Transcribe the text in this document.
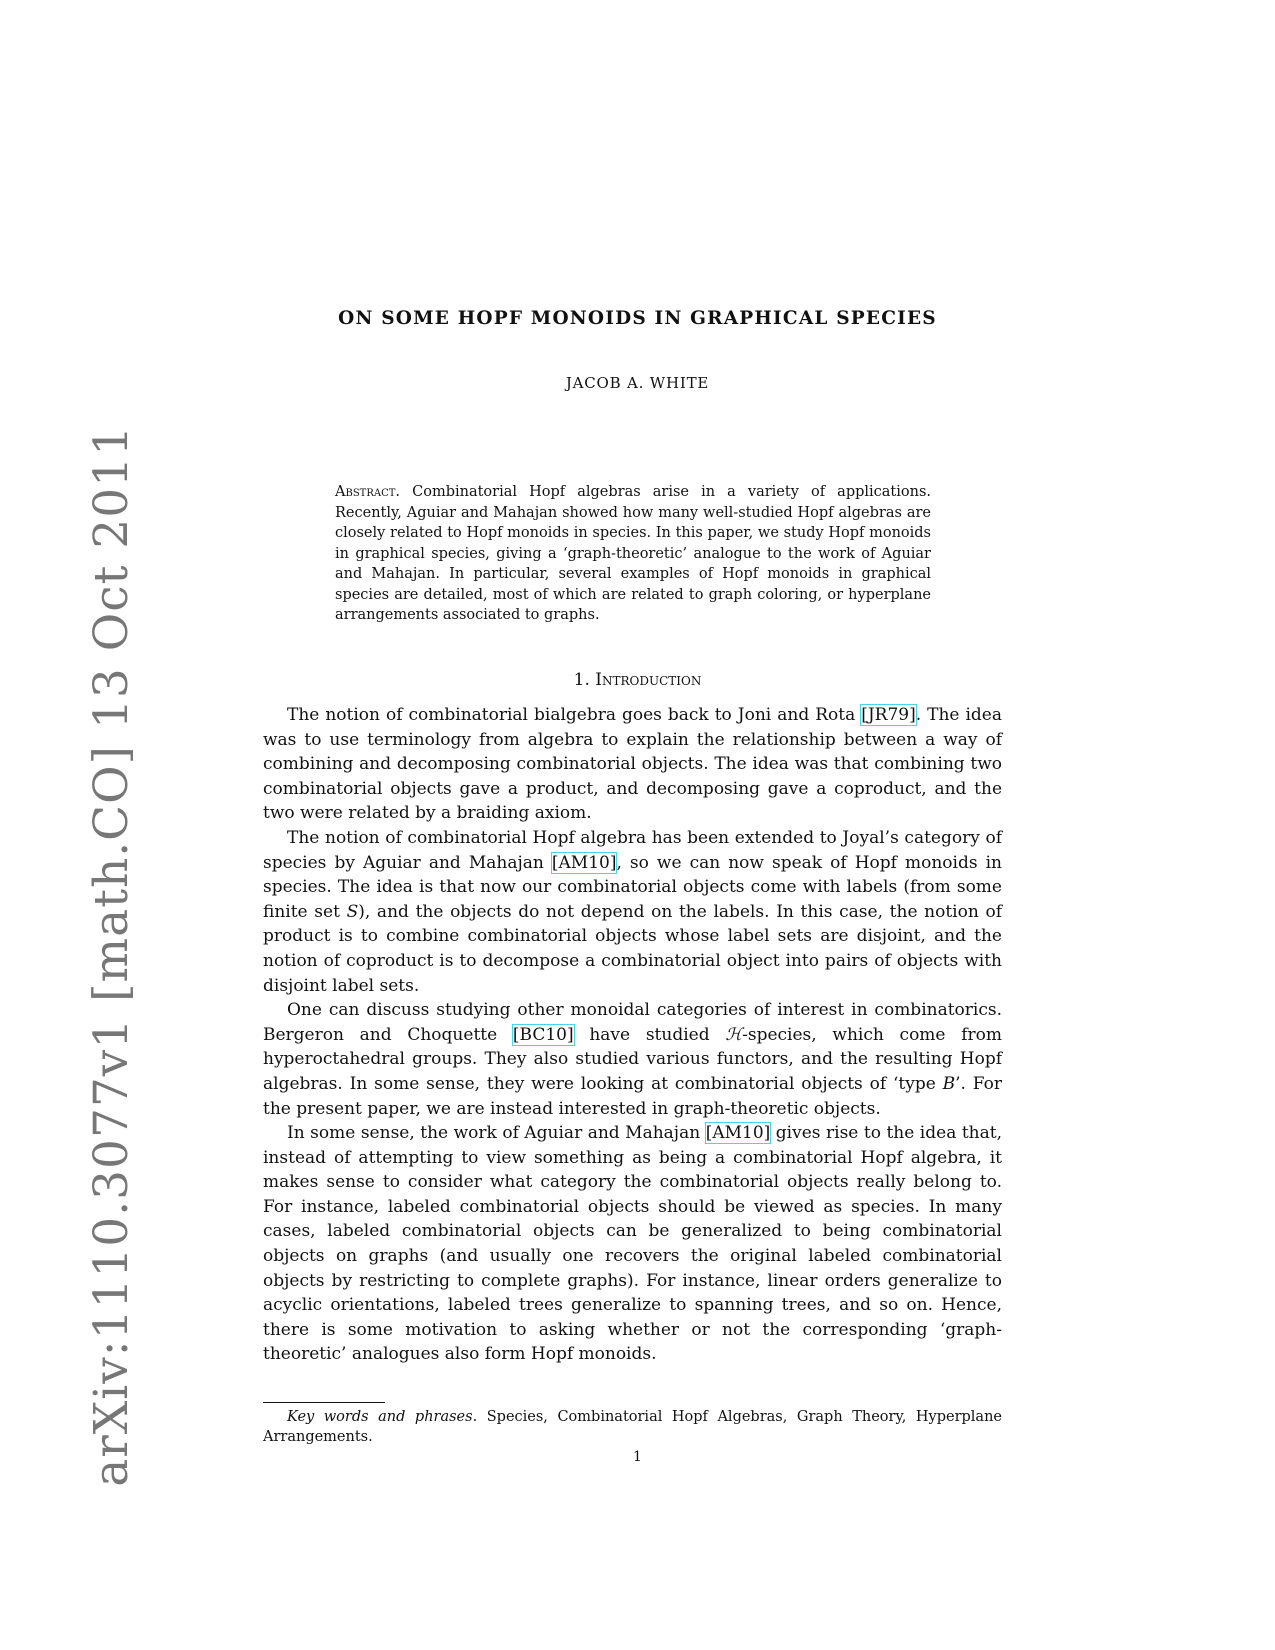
arXiv:1110.3077v1 [math.CO] 13 Oct 2011
ON SOME HOPF MONOIDS IN GRAPHICAL SPECIES
JACOB A. WHITE
Abstract. Combinatorial Hopf algebras arise in a variety of applications. Recently, Aguiar and Mahajan showed how many well-studied Hopf algebras are closely related to Hopf monoids in species. In this paper, we study Hopf monoids in graphical species, giving a ‘graph-theoretic’ analogue to the work of Aguiar and Mahajan. In particular, several examples of Hopf monoids in graphical species are detailed, most of which are related to graph coloring, or hyperplane arrangements associated to graphs.
1. Introduction

The notion of combinatorial bialgebra goes back to Joni and Rota [JR79]. The idea was to use terminology from algebra to explain the relationship between a way of combining and decomposing combinatorial objects. The idea was that combining two combinatorial objects gave a product, and decomposing gave a coproduct, and the two were related by a braiding axiom.

The notion of combinatorial Hopf algebra has been extended to Joyal’s category of species by Aguiar and Mahajan [AM10], so we can now speak of Hopf monoids in species. The idea is that now our combinatorial objects come with labels (from some finite set S), and the objects do not depend on the labels. In this case, the notion of product is to combine combinatorial objects whose label sets are disjoint, and the notion of coproduct is to decompose a combinatorial object into pairs of objects with disjoint label sets.

One can discuss studying other monoidal categories of interest in combinatorics. Bergeron and Choquette [BC10] have studied ℋ-species, which come from hyperoctahedral groups. They also studied various functors, and the resulting Hopf algebras. In some sense, they were looking at combinatorial objects of ‘type B’. For the present paper, we are instead interested in graph-theoretic objects.

In some sense, the work of Aguiar and Mahajan [AM10] gives rise to the idea that, instead of attempting to view something as being a combinatorial Hopf algebra, it makes sense to consider what category the combinatorial objects really belong to. For instance, labeled combinatorial objects should be viewed as species. In many cases, labeled combinatorial objects can be generalized to being combinatorial objects on graphs (and usually one recovers the original labeled combinatorial objects by restricting to complete graphs). For instance, linear orders generalize to acyclic orientations, labeled trees generalize to spanning trees, and so on. Hence, there is some motivation to asking whether or not the corresponding ‘graph-theoretic’ analogues also form Hopf monoids.

Key words and phrases. Species, Combinatorial Hopf Algebras, Graph Theory, Hyperplane Arrangements.
1
